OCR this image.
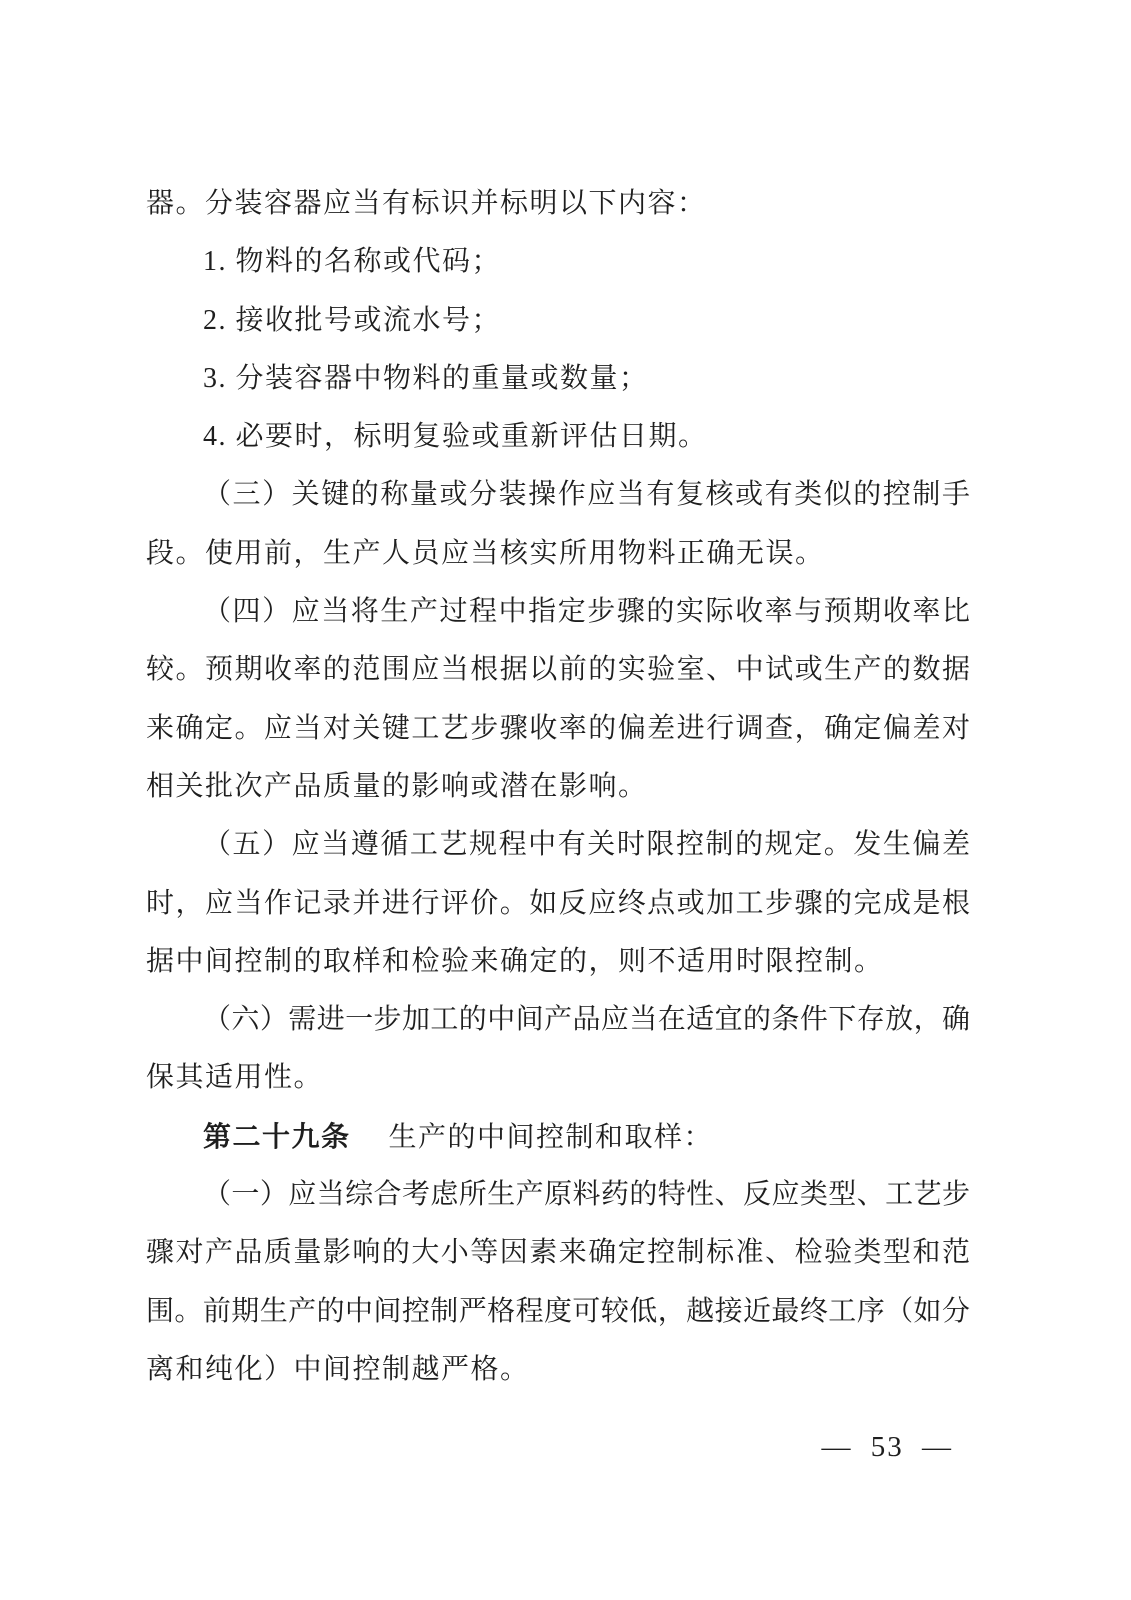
器。分装容器应当有标识并标明以下内容：
1. 物料的名称或代码；
2. 接收批号或流水号；
3. 分装容器中物料的重量或数量；
4. 必要时，标明复验或重新评估日期。
（三）关键的称量或分装操作应当有复核或有类似的控制手
段。使用前，生产人员应当核实所用物料正确无误。
（四）应当将生产过程中指定步骤的实际收率与预期收率比
较。预期收率的范围应当根据以前的实验室、中试或生产的数据
来确定。应当对关键工艺步骤收率的偏差进行调查，确定偏差对
相关批次产品质量的影响或潜在影响。
（五）应当遵循工艺规程中有关时限控制的规定。发生偏差
时，应当作记录并进行评价。如反应终点或加工步骤的完成是根
据中间控制的取样和检验来确定的，则不适用时限控制。
（六）需进一步加工的中间产品应当在适宜的条件下存放，确
保其适用性。
第二十九条 生产的中间控制和取样：
（一）应当综合考虑所生产原料药的特性、反应类型、工艺步
骤对产品质量影响的大小等因素来确定控制标准、检验类型和范
围。前期生产的中间控制严格程度可较低，越接近最终工序（如分
离和纯化）中间控制越严格。
— 53 —
